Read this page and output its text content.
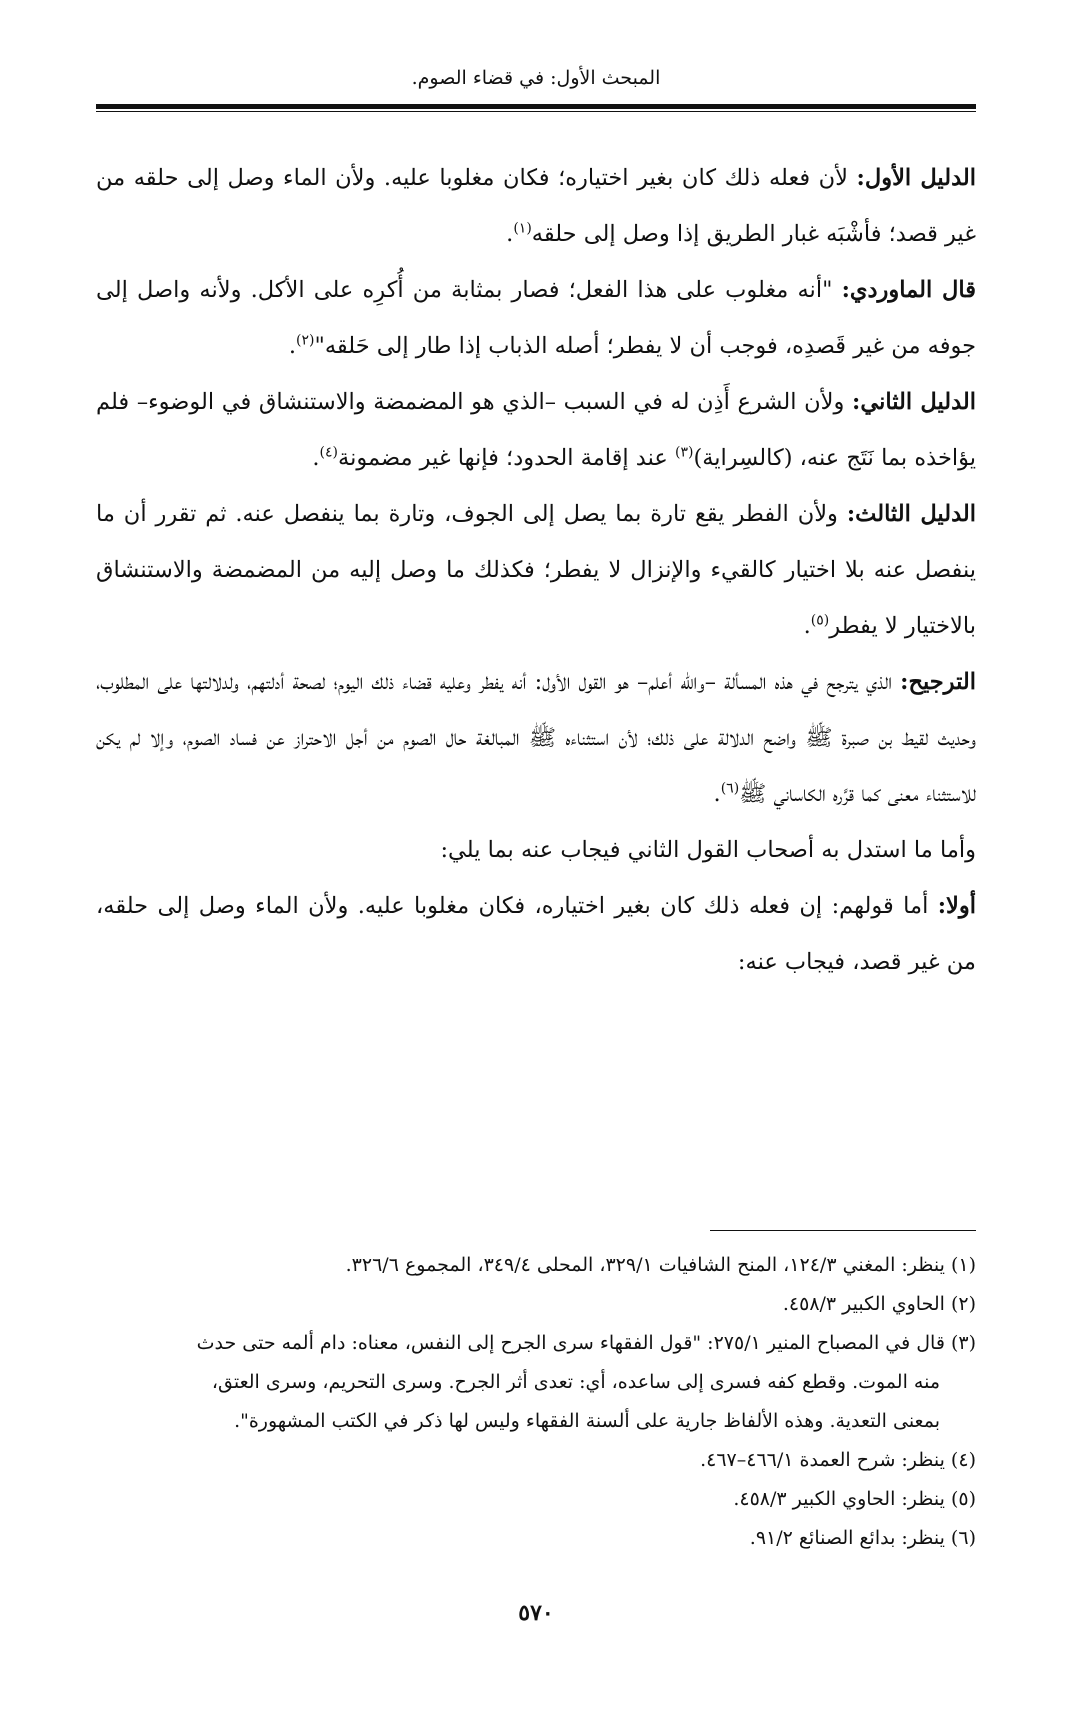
المبحث الأول: في قضاء الصوم.

الدليل الأول: لأن فعله ذلك كان بغير اختياره؛ فكان مغلوبا عليه. ولأن الماء وصل إلى حلقه من غير قصد؛ فأشْبَه غبار الطريق إذا وصل إلى حلقه$^{(١)}$.

قال الماوردي: "أنه مغلوب على هذا الفعل؛ فصار بمثابة من أُكرِه على الأكل. ولأنه واصل إلى جوفه من غير قَصدِه، فوجب أن لا يفطر؛ أصله الذباب إذا طار إلى حَلقه"$^{(٢)}$.

الدليل الثاني: ولأن الشرع أَذِن له في السبب –الذي هو المضمضة والاستنشاق في الوضوء– فلم يؤاخذه بما نَتَج عنه، (كالسِراية)$^{(٣)}$ عند إقامة الحدود؛ فإنها غير مضمونة$^{(٤)}$.

الدليل الثالث: ولأن الفطر يقع تارة بما يصل إلى الجوف، وتارة بما ينفصل عنه. ثم تقرر أن ما ينفصل عنه بلا اختيار كالقيء والإنزال لا يفطر؛ فكذلك ما وصل إليه من المضمضة والاستنشاق بالاختيار لا يفطر$^{(٥)}$.

الترجيح: الذي يترجح في هذه المسألة –والله أعلم– هو القول الأول: أنه يفطر وعليه قضاء ذلك اليوم؛ لصحة أدلتهم، ولدلالتها على المطلوب، وحديث لقيط بن صبرة ﷺ واضح الدلالة على ذلك؛ لأن استثناءه ﷺ المبالغة حال الصوم من أجل الاحتراز عن فساد الصوم، وإلا لم يكن للاستثناء معنى كما قرَّره الكاساني ﷺ$^{(٦)}$.

وأما ما استدل به أصحاب القول الثاني فيجاب عنه بما يلي:

أولا: أما قولهم: إن فعله ذلك كان بغير اختياره، فكان مغلوبا عليه. ولأن الماء وصل إلى حلقه، من غير قصد، فيجاب عنه:

(١) ينظر: المغني ١٢٤/٣، المنح الشافيات ٣٢٩/١، المحلى ٣٤٩/٤، المجموع ٣٢٦/٦.

(٢) الحاوي الكبير ٤٥٨/٣.

(٣) قال في المصباح المنير ٢٧٥/١: "قول الفقهاء سرى الجرح إلى النفس، معناه: دام ألمه حتى حدث

منه الموت. وقطع كفه فسرى إلى ساعده، أي: تعدى أثر الجرح. وسرى التحريم، وسرى العتق،

بمعنى التعدية. وهذه الألفاظ جارية على ألسنة الفقهاء وليس لها ذكر في الكتب المشهورة".

(٤) ينظر: شرح العمدة ٤٦٦/١–٤٦٧.

(٥) ينظر: الحاوي الكبير ٤٥٨/٣.

(٦) ينظر: بدائع الصنائع ٩١/٢.

٥٧٠
